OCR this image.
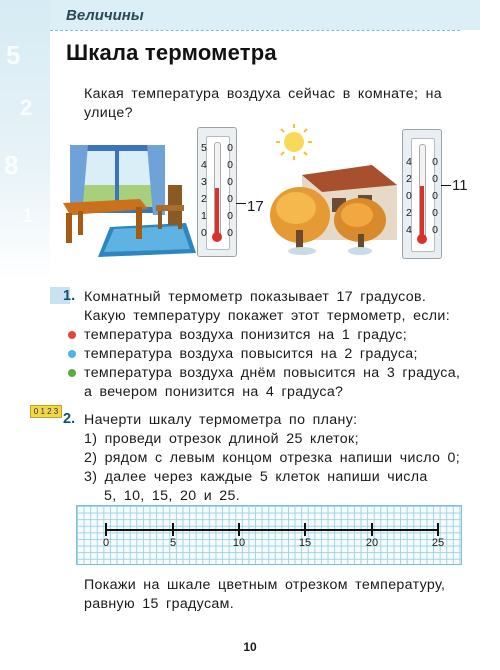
5
2
8
1
Величины
Шкала термометра
Какая температура воздуха сейчас в комнате; на улице?
5 0
4 0
3 0
2 0
1 0
0 0
17
4 0
2 0
0 0
2 0
4 0
11
1. Комнатный термометр показывает 17 градусов.
Какую температуру покажет этот термометр, если:
температура воздуха понизится на 1 градус;
температура воздуха повысится на 2 градуса;
температура воздуха днём повысится на 3 градуса,
а вечером понизится на 4 градуса?
0 1 2 3 2. Начерти шкалу термометра по плану:
1) проведи отрезок длиной 25 клеток;
2) рядом с левым концом отрезка напиши число 0;
3) далее через каждые 5 клеток напиши числа
5, 10, 15, 20 и 25.
0	5	10	15	20	25
Покажи на шкале цветным отрезком температуру,
равную 15 градусам.
10
